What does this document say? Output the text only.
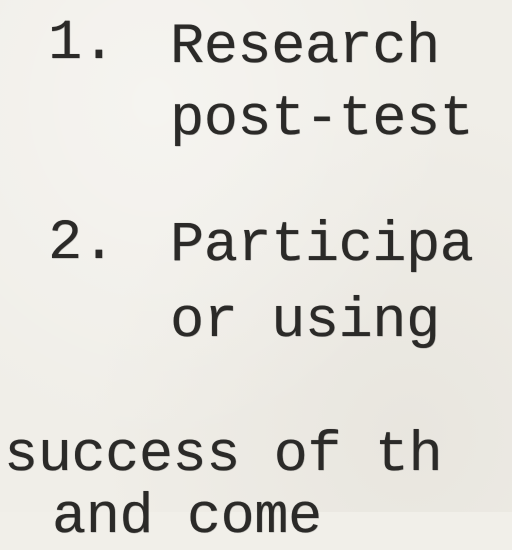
1. Research
post-test
2. Participa
or using
success of th
and come
